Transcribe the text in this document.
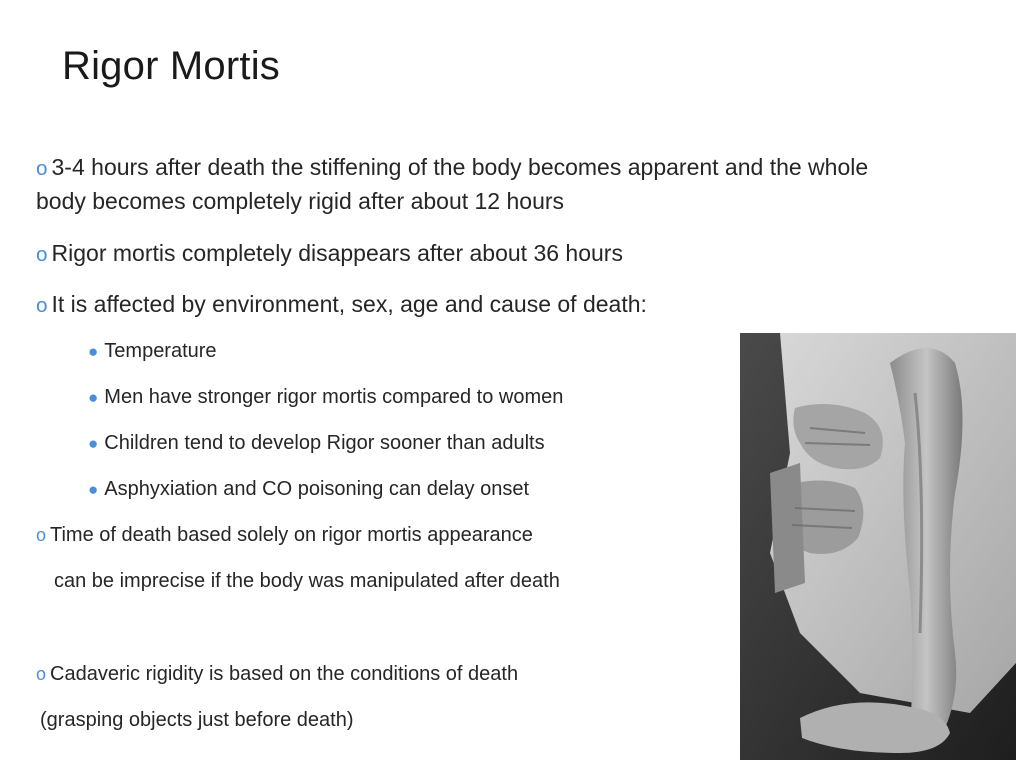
Rigor Mortis
o 3-4 hours after death the stiffening of the body becomes apparent and the whole
body becomes completely rigid after about 12 hours
o Rigor mortis completely disappears after about 36 hours
o It is affected by environment, sex, age and cause of death:
● Temperature
● Men have stronger rigor mortis compared to women
● Children tend to develop Rigor sooner than adults
● Asphyxiation and CO poisoning can delay onset
o Time of death based solely on rigor mortis appearance
can be imprecise if the body was manipulated after death
o Cadaveric rigidity is based on the conditions of death
(grasping objects just before death)
